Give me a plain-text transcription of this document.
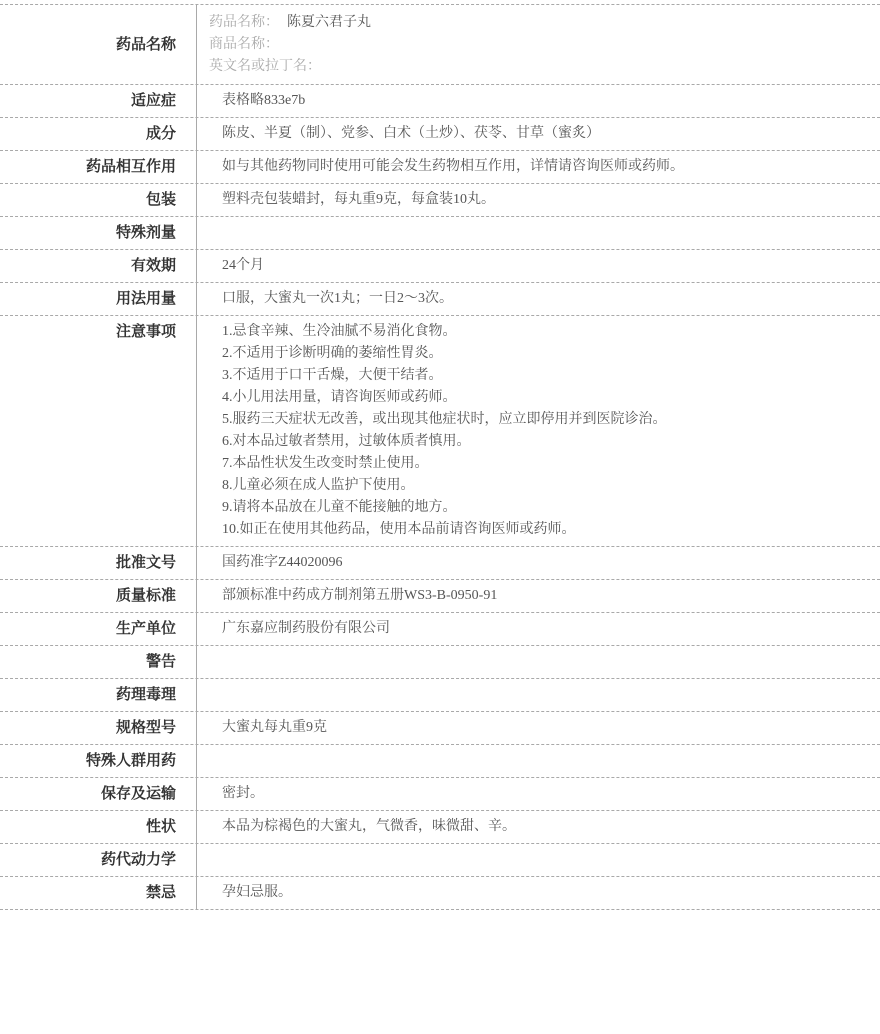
药品名称
药品名称： 陈夏六君子丸
商品名称：
英文名或拉丁名：
适应症	表格略833e7b
成分	陈皮、半夏（制）、党参、白术（土炒）、茯苓、甘草（蜜炙）
药品相互作用	如与其他药物同时使用可能会发生药物相互作用，详情请咨询医师或药师。
包装	塑料壳包装蜡封，每丸重9克，每盒装10丸。
特殊剂量
有效期	24个月
用法用量	口服，大蜜丸一次1丸；一日2～3次。
注意事项	1.忌食辛辣、生冷油腻不易消化食物。
2.不适用于诊断明确的萎缩性胃炎。
3.不适用于口干舌燥，大便干结者。
4.小儿用法用量，请咨询医师或药师。
5.服药三天症状无改善，或出现其他症状时，应立即停用并到医院诊治。
6.对本品过敏者禁用，过敏体质者慎用。
7.本品性状发生改变时禁止使用。
8.儿童必须在成人监护下使用。
9.请将本品放在儿童不能接触的地方。
10.如正在使用其他药品，使用本品前请咨询医师或药师。
批准文号	国药准字Z44020096
质量标准	部颁标准中药成方制剂第五册WS3-B-0950-91
生产单位	广东嘉应制药股份有限公司
警告
药理毒理
规格型号	大蜜丸每丸重9克
特殊人群用药
保存及运输	密封。
性状	本品为棕褐色的大蜜丸，气微香，味微甜、辛。
药代动力学
禁忌	孕妇忌服。
